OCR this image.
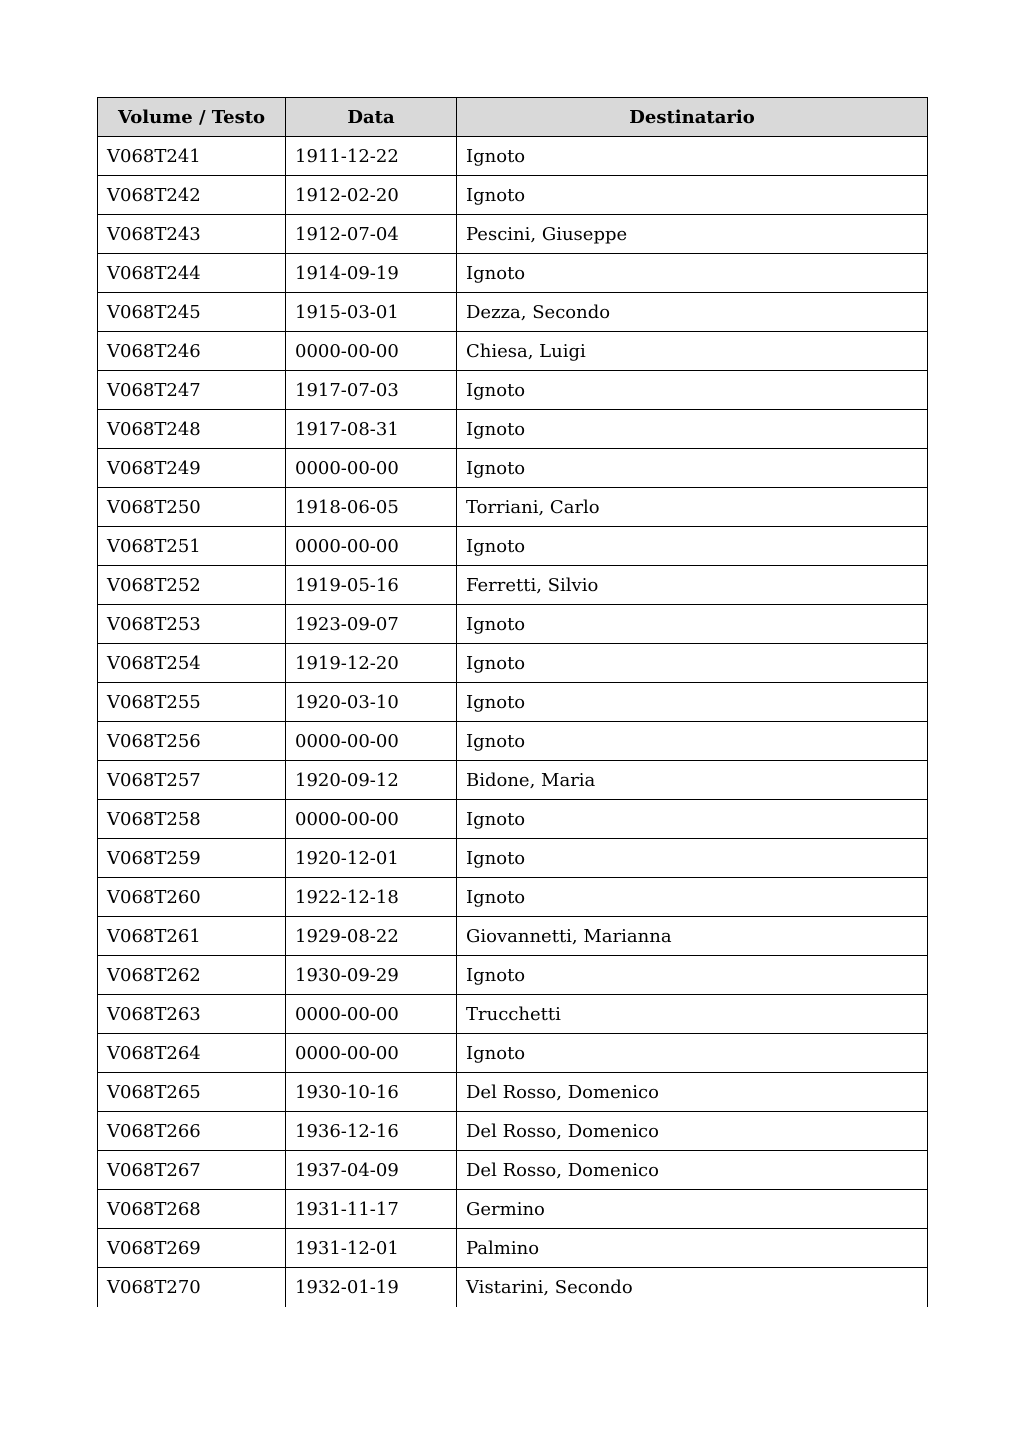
Volume / Testo	Data	Destinatario
V068T241	1911-12-22	Ignoto
V068T242	1912-02-20	Ignoto
V068T243	1912-07-04	Pescini, Giuseppe
V068T244	1914-09-19	Ignoto
V068T245	1915-03-01	Dezza, Secondo
V068T246	0000-00-00	Chiesa, Luigi
V068T247	1917-07-03	Ignoto
V068T248	1917-08-31	Ignoto
V068T249	0000-00-00	Ignoto
V068T250	1918-06-05	Torriani, Carlo
V068T251	0000-00-00	Ignoto
V068T252	1919-05-16	Ferretti, Silvio
V068T253	1923-09-07	Ignoto
V068T254	1919-12-20	Ignoto
V068T255	1920-03-10	Ignoto
V068T256	0000-00-00	Ignoto
V068T257	1920-09-12	Bidone, Maria
V068T258	0000-00-00	Ignoto
V068T259	1920-12-01	Ignoto
V068T260	1922-12-18	Ignoto
V068T261	1929-08-22	Giovannetti, Marianna
V068T262	1930-09-29	Ignoto
V068T263	0000-00-00	Trucchetti
V068T264	0000-00-00	Ignoto
V068T265	1930-10-16	Del Rosso, Domenico
V068T266	1936-12-16	Del Rosso, Domenico
V068T267	1937-04-09	Del Rosso, Domenico
V068T268	1931-11-17	Germino
V068T269	1931-12-01	Palmino
V068T270	1932-01-19	Vistarini, Secondo
